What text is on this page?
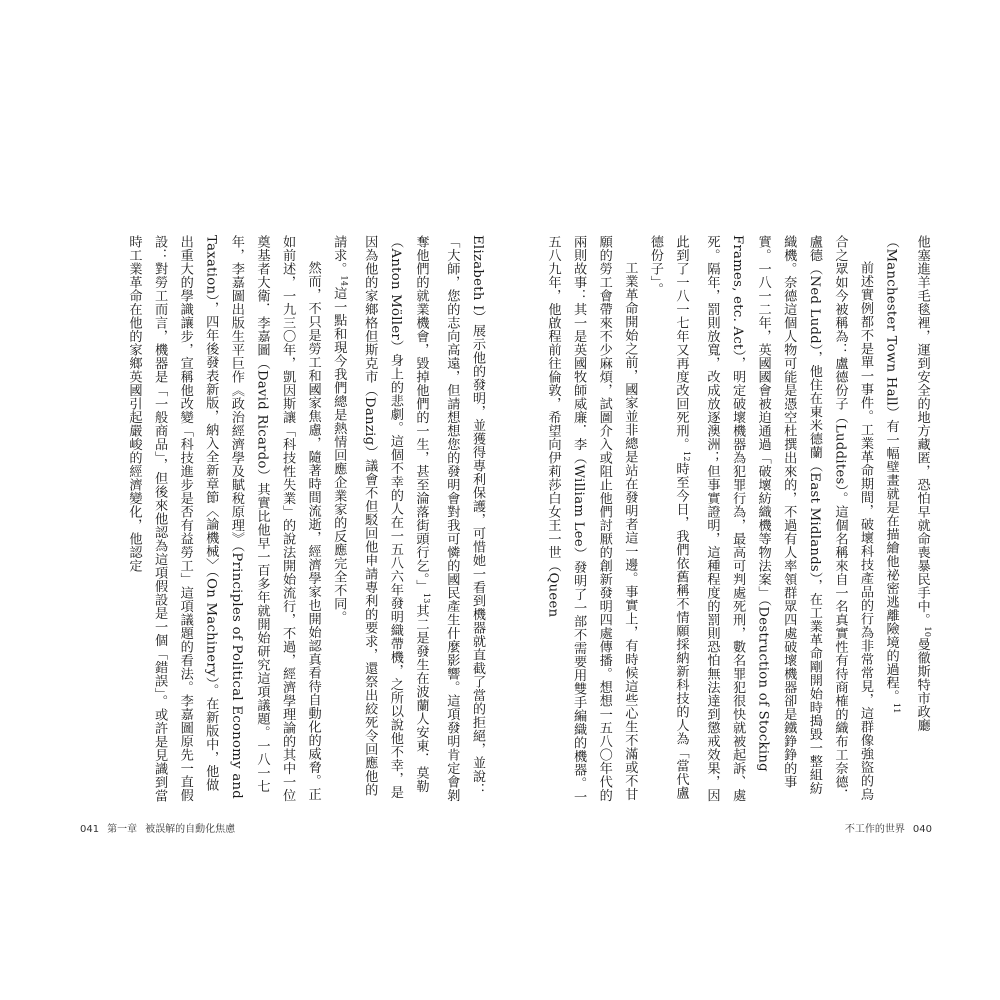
他塞進羊毛毯裡，運到安全的地方藏匿，恐怕早就命喪暴民手中。$^{10}$曼徹斯特市政廳（Manchester Town Hall）有一幅壁畫就是在描繪他祕密逃離險境的過程。$^{11}$

前述實例都不是單一事件。工業革命期間，破壞科技產品的行為非常常見，這群像強盜的烏合之眾如今被稱為：盧德份子（Luddites）。這個名稱來自一名真實性有待商榷的織布工奈德．盧德（Ned Ludd），他住在東米德蘭（East Midlands），在工業革命剛開始時搗毀一整組紡織機。奈德這個人物可能是憑空杜撰出來的，不過有人率領群眾四處破壞機器卻是鐵錚錚的事實。一八一二年，英國國會被迫通過「破壞紡織機等物法案」（Destruction of Stocking Frames, etc. Act），明定破壞機器為犯罪行為，最高可判處死刑，數名罪犯很快就被起訴、處死。隔年，罰則放寬，改成放逐澳洲；但事實證明，這種程度的罰則恐怕無法達到懲戒效果，因此到了一八一七年又再度改回死刑。$^{12}$時至今日，我們依舊稱不情願採納新科技的人為「當代盧德份子」。

工業革命開始之前，國家並非總是站在發明者這一邊。事實上，有時候這些心生不滿或不甘願的勞工會帶來不少麻煩，試圖介入或阻止他們討厭的創新發明四處傳播。想想一五八〇年代的兩則故事：其一是英國牧師威廉．李（William Lee）發明了一部不需要用雙手編織的機器。一五八九年，他啟程前往倫敦，希望向伊莉莎白女王一世（Queen

Elizabeth I）展示他的發明，並獲得專利保護，可惜她一看到機器就直截了當的拒絕，並說：「大師，您的志向高遠，但請想想您的發明會對我可憐的國民產生什麼影響。這項發明肯定會剝奪他們的就業機會，毀掉他們的一生，甚至淪落街頭行乞。」$^{13}$其二是發生在波蘭人安東．莫勒（Anton Möller）身上的悲劇。這個不幸的人在一五八六年發明織帶機，之所以說他不幸，是因為他的家鄉格但斯克市（Danzig）議會不但駁回他申請專利的要求，還祭出絞死令回應他的請求。$^{14}$這一點和現今我們總是熱情回應企業家的反應完全不同。

然而，不只是勞工和國家焦慮，隨著時間流逝，經濟學家也開始認真看待自動化的威脅。正如前述，一九三〇年，凱因斯讓「科技性失業」的說法開始流行，不過，經濟學理論的其中一位奠基者大衛．李嘉圖（David Ricardo）其實比他早一百多年就開始研究這項議題。一八一七年，李嘉圖出版生平巨作《政治經濟學及賦稅原理》（Principles of Political Economy and Taxation），四年後發表新版，納入全新章節〈論機械〉（On Machinery）。在新版中，他做出重大的學識讓步，宣稱他改變「科技進步是否有益勞工」這項議題的看法。李嘉圖原先一直假設：對勞工而言，機器是「一般商品」，但後來他認為這項假設是一個「錯誤」。或許是見識到當時工業革命在他的家鄉英國引起嚴峻的經濟變化，他認定

041 第一章 被誤解的自動化焦慮	不工作的世界 040
